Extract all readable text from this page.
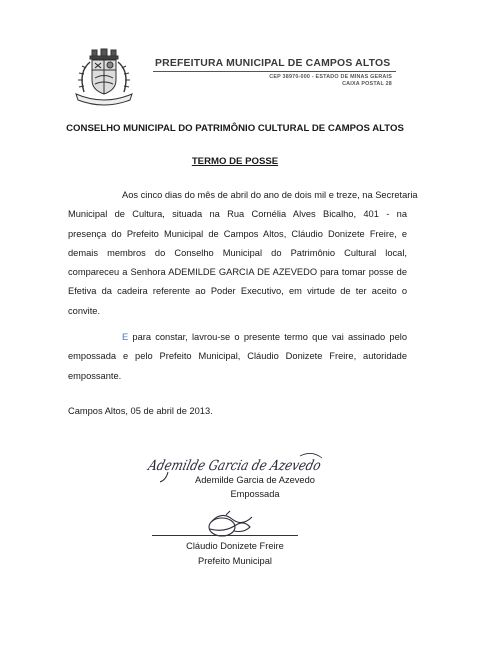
PREFEITURA MUNICIPAL DE CAMPOS ALTOS
CEP 38970-000 - ESTADO DE MINAS GERAIS
CAIXA POSTAL 28
CONSELHO MUNICIPAL DO PATRIMÔNIO CULTURAL DE CAMPOS ALTOS
TERMO DE POSSE
Aos cinco dias do mês de abril do ano de dois mil e treze, na Secretaria
Municipal de Cultura, situada na Rua Cornélia Alves Bicalho, 401 - na
presença do Prefeito Municipal de Campos Altos, Cláudio Donizete Freire, e
demais membros do Conselho Municipal do Patrimônio Cultural local,
compareceu a Senhora ADEMILDE GARCIA DE AZEVEDO para tomar posse de
Efetiva da cadeira referente ao Poder Executivo, em virtude de ter aceito o
convite.
E para constar, lavrou-se o presente termo que vai assinado pelo
empossada e pelo Prefeito Municipal, Cláudio Donizete Freire, autoridade
empossante.
Campos Altos, 05 de abril de 2013.
Ademilde Garcia de Azevedo
Ademilde Garcia de Azevedo
Empossada
Cláudio Donizete Freire
Prefeito Municipal
